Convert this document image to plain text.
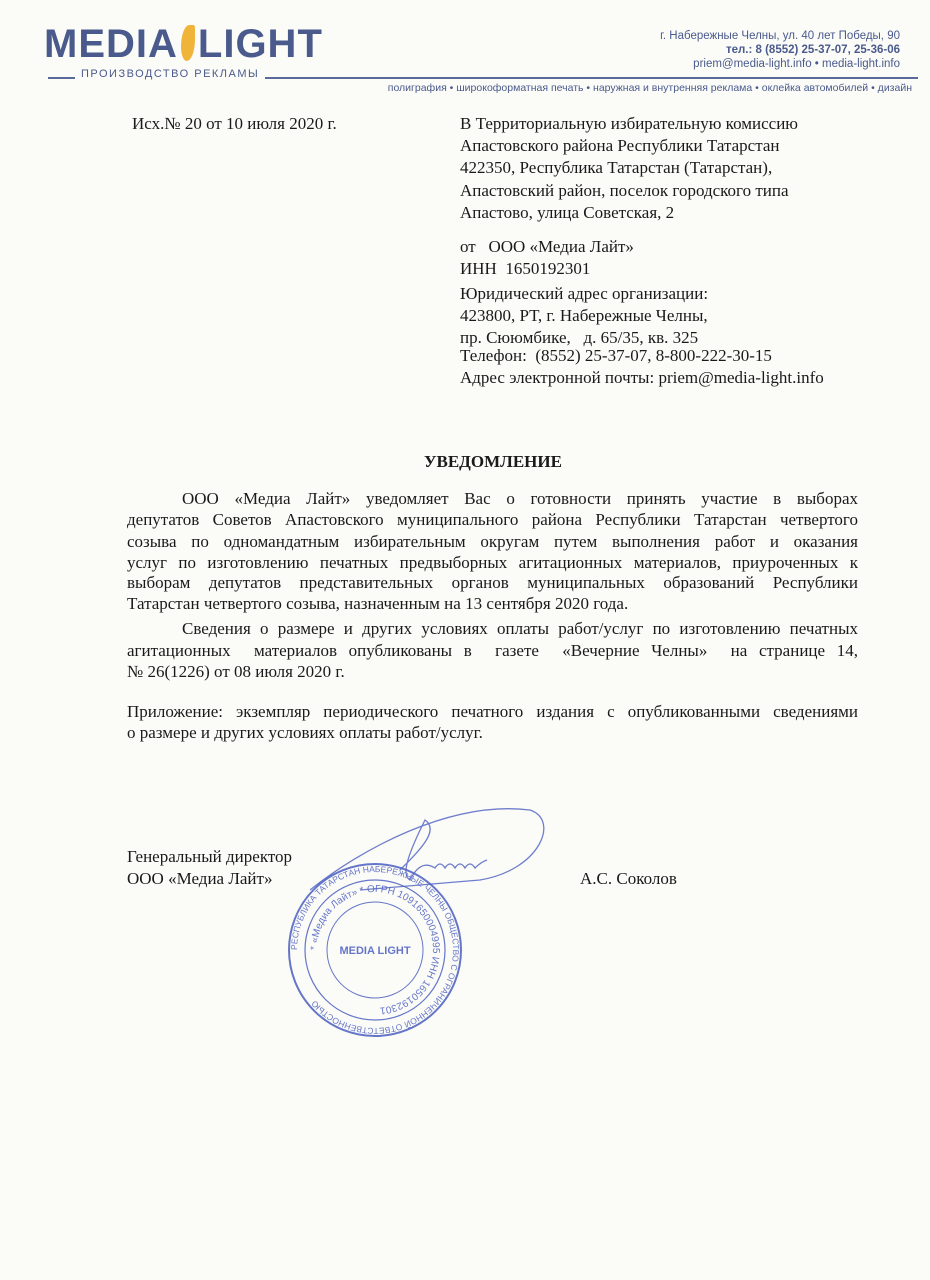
MEDIA LIGHT
ПРОИЗВОДСТВО РЕКЛАМЫ
г. Набережные Челны, ул. 40 лет Победы, 90
тел.: 8 (8552) 25-37-07, 25-36-06
priem@media-light.info • media-light.info
полиграфия • широкоформатная печать • наружная и внутренняя реклама • оклейка автомобилей • дизайн
Исх.№ 20 от 10 июля 2020 г.	В Территориальную избирательную комиссию
Апастовского района Республики Татарстан
422350, Республика Татарстан (Татарстан),
Апастовский район, поселок городского типа
Апастово, улица Советская, 2
от   ООО «Медиа Лайт»
ИНН  1650192301
Юридический адрес организации:
423800, РТ, г. Набережные Челны,
пр. Сююмбике,   д. 65/35, кв. 325
Телефон:  (8552) 25-37-07, 8-800-222-30-15
Адрес электронной почты: priem@media-light.info
УВЕДОМЛЕНИЕ
ООО «Медиа Лайт» уведомляет Вас о готовности принять участие в выборах
депутатов Советов Апастовского муниципального района Республики Татарстан четвертого
созыва по одномандатным избирательным округам путем выполнения работ и оказания
услуг по изготовлению печатных предвыборных агитационных материалов, приуроченных к
выборам депутатов представительных органов муниципальных образований Республики
Татарстан четвертого созыва, назначенным на 13 сентября 2020 года.
Сведения о размере и других условиях оплаты работ/услуг по изготовлению печатных
агитационных  материалов опубликованы в  газете  «Вечерние Челны»  на странице 14,
№ 26(1226) от 08 июля 2020 г.
Приложение: экземпляр периодического печатного издания с опубликованными сведениями
о размере и других условиях оплаты работ/услуг.
Генеральный директор
ООО «Медиа Лайт»	А.С. Соколов
РЕСПУБЛИКА ТАТАРСТАН НАБЕРЕЖНЫЕ ЧЕЛНЫ ОБЩЕСТВО С ОГРАНИЧЕННОЙ ОТВЕТСТВЕННОСТЬЮ
* «Медиа Лайт» * ОГРН 1091650004995 ИНН 1650192301
MEDIA LIGHT
